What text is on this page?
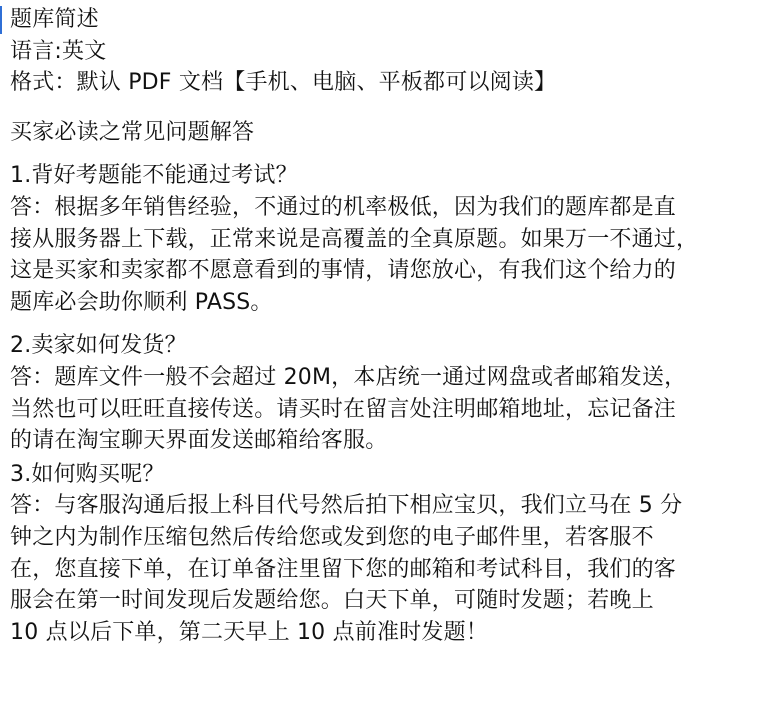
题库简述
语言:英文
格式：默认 PDF 文档【手机、电脑、平板都可以阅读】
买家必读之常见问题解答
1.背好考题能不能通过考试？
答：根据多年销售经验，不通过的机率极低，因为我们的题库都是直
接从服务器上下载，正常来说是高覆盖的全真原题。如果万一不通过，
这是买家和卖家都不愿意看到的事情，请您放心，有我们这个给力的
题库必会助你顺利 PASS。
2.卖家如何发货？
答：题库文件一般不会超过 20M，本店统一通过网盘或者邮箱发送，
当然也可以旺旺直接传送。请买时在留言处注明邮箱地址，忘记备注
的请在淘宝聊天界面发送邮箱给客服。
3.如何购买呢？
答：与客服沟通后报上科目代号然后拍下相应宝贝，我们立马在 5 分
钟之内为制作压缩包然后传给您或发到您的电子邮件里，若客服不
在，您直接下单，在订单备注里留下您的邮箱和考试科目，我们的客
服会在第一时间发现后发题给您。白天下单，可随时发题；若晚上
10 点以后下单，第二天早上 10 点前准时发题！
